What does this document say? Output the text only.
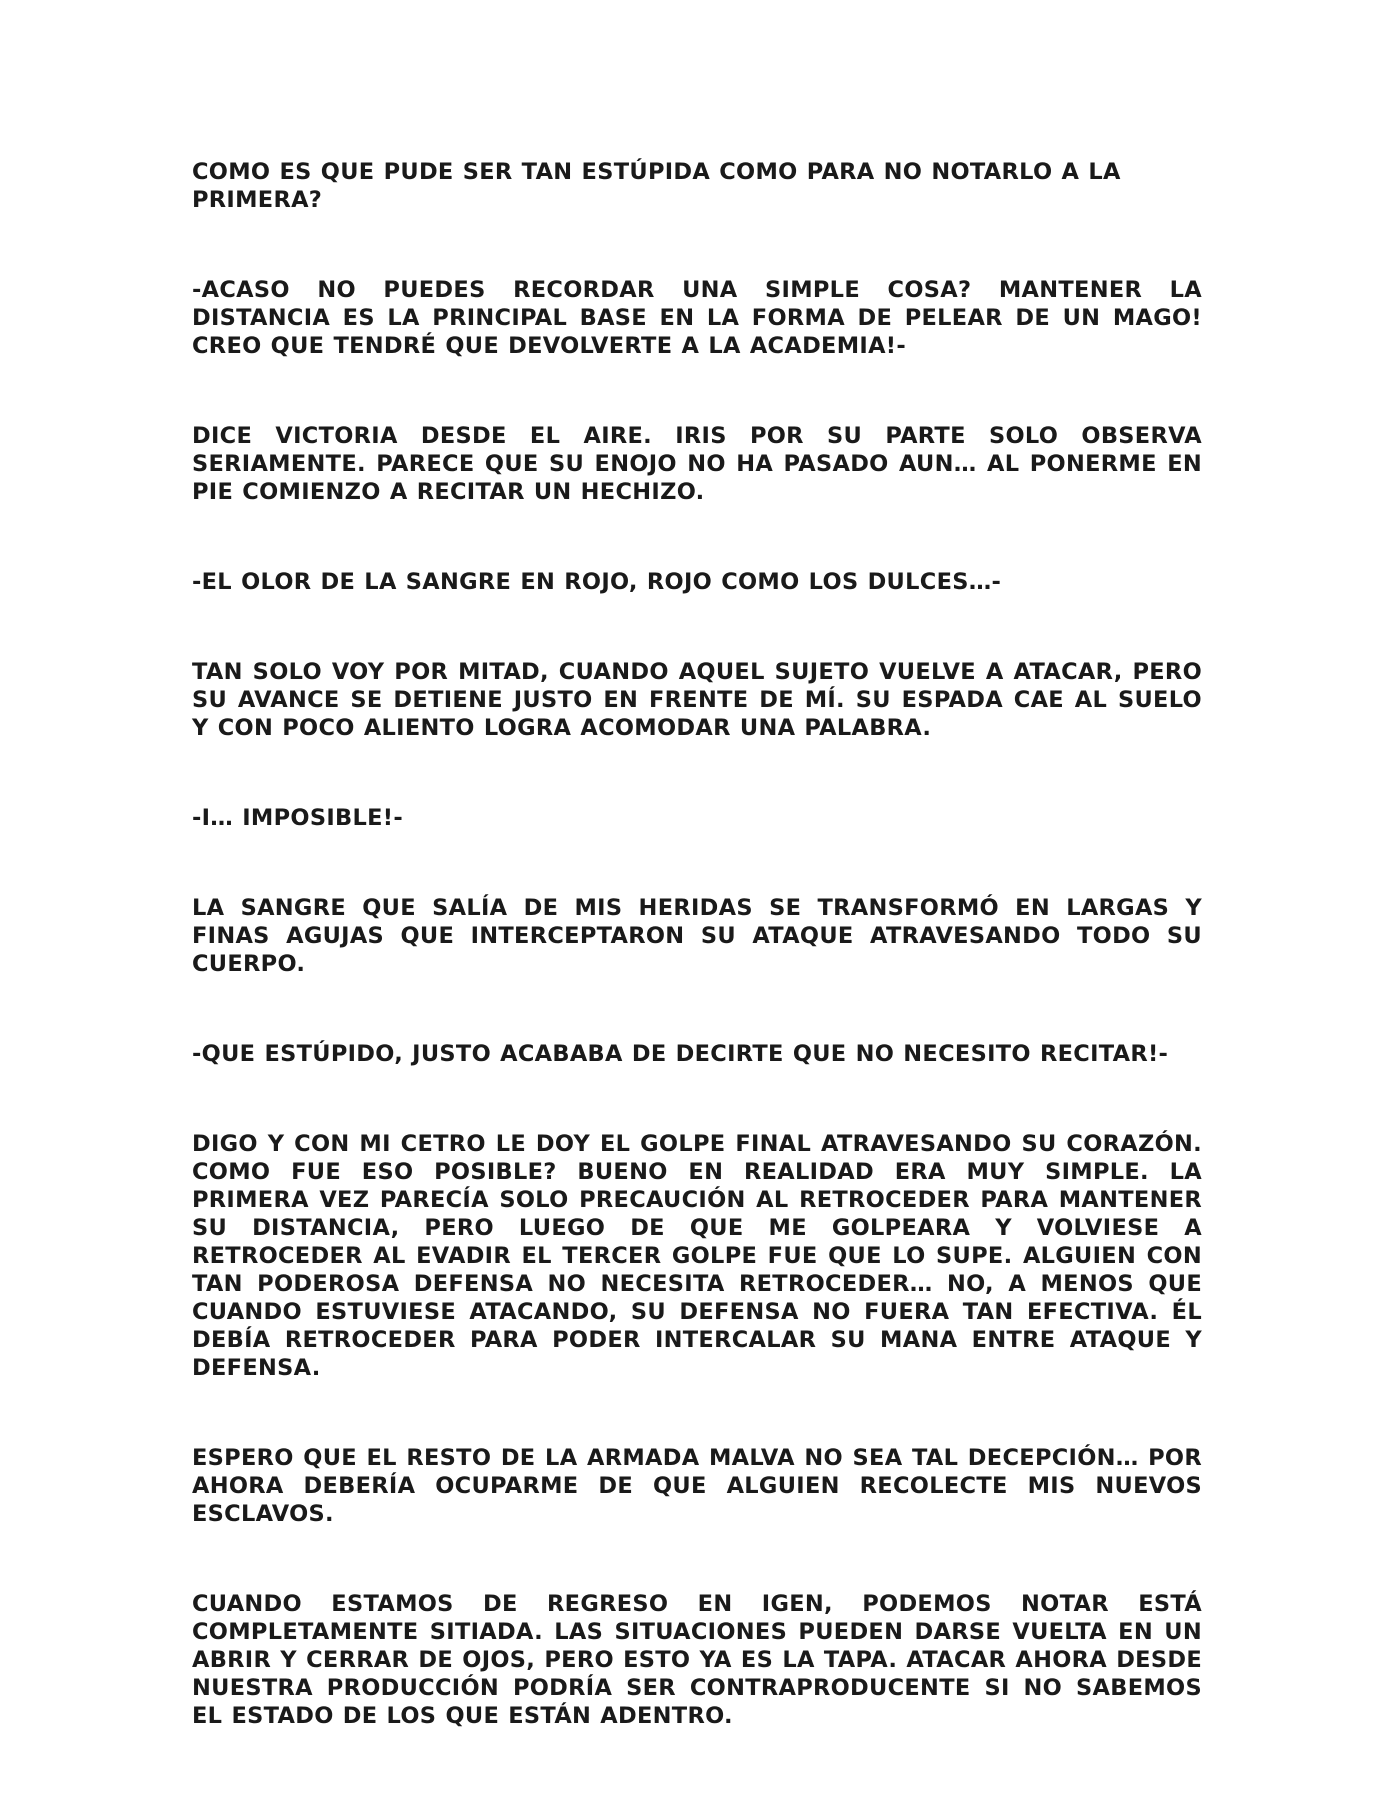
COMO ES QUE PUDE SER TAN ESTÚPIDA COMO PARA NO NOTARLO A LA PRIMERA?

-ACASO NO PUEDES RECORDAR UNA SIMPLE COSA? MANTENER LA DISTANCIA ES LA PRINCIPAL BASE EN LA FORMA DE PELEAR DE UN MAGO! CREO QUE TENDRÉ QUE DEVOLVERTE A LA ACADEMIA!-

DICE VICTORIA DESDE EL AIRE. IRIS POR SU PARTE SOLO OBSERVA SERIAMENTE. PARECE QUE SU ENOJO NO HA PASADO AUN… AL PONERME EN PIE COMIENZO A RECITAR UN HECHIZO.

-EL OLOR DE LA SANGRE EN ROJO, ROJO COMO LOS DULCES…-

TAN SOLO VOY POR MITAD, CUANDO AQUEL SUJETO VUELVE A ATACAR, PERO SU AVANCE SE DETIENE JUSTO EN FRENTE DE MÍ. SU ESPADA CAE AL SUELO Y CON POCO ALIENTO LOGRA ACOMODAR UNA PALABRA.

-I… IMPOSIBLE!-

LA SANGRE QUE SALÍA DE MIS HERIDAS SE TRANSFORMÓ EN LARGAS Y FINAS AGUJAS QUE INTERCEPTARON SU ATAQUE ATRAVESANDO TODO SU CUERPO.

-QUE ESTÚPIDO, JUSTO ACABABA DE DECIRTE QUE NO NECESITO RECITAR!-

DIGO Y CON MI CETRO LE DOY EL GOLPE FINAL ATRAVESANDO SU CORAZÓN. COMO FUE ESO POSIBLE? BUENO EN REALIDAD ERA MUY SIMPLE. LA PRIMERA VEZ PARECÍA SOLO PRECAUCIÓN AL RETROCEDER PARA MANTENER SU DISTANCIA, PERO LUEGO DE QUE ME GOLPEARA Y VOLVIESE A RETROCEDER AL EVADIR EL TERCER GOLPE FUE QUE LO SUPE. ALGUIEN CON TAN PODEROSA DEFENSA NO NECESITA RETROCEDER… NO, A MENOS QUE CUANDO ESTUVIESE ATACANDO, SU DEFENSA NO FUERA TAN EFECTIVA. ÉL DEBÍA RETROCEDER PARA PODER INTERCALAR SU MANA ENTRE ATAQUE Y DEFENSA.

ESPERO QUE EL RESTO DE LA ARMADA MALVA NO SEA TAL DECEPCIÓN… POR AHORA DEBERÍA OCUPARME DE QUE ALGUIEN RECOLECTE MIS NUEVOS ESCLAVOS.

CUANDO ESTAMOS DE REGRESO EN IGEN, PODEMOS NOTAR ESTÁ COMPLETAMENTE SITIADA. LAS SITUACIONES PUEDEN DARSE VUELTA EN UN ABRIR Y CERRAR DE OJOS, PERO ESTO YA ES LA TAPA. ATACAR AHORA DESDE NUESTRA PRODUCCIÓN PODRÍA SER CONTRAPRODUCENTE SI NO SABEMOS EL ESTADO DE LOS QUE ESTÁN ADENTRO.
